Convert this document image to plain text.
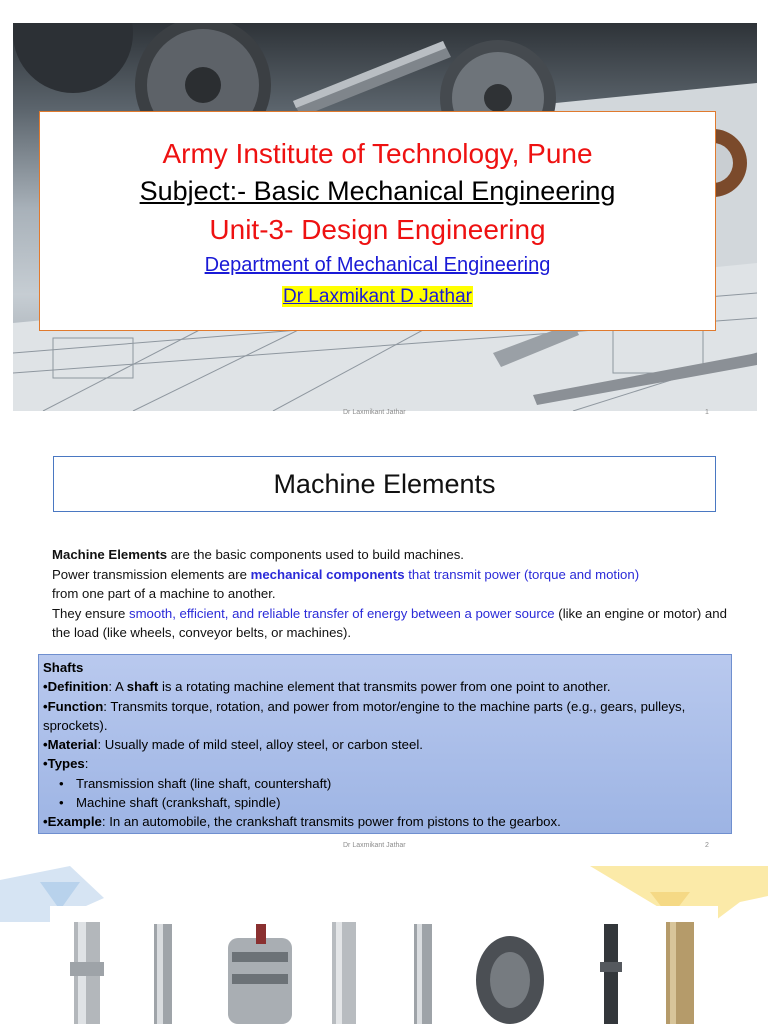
Army Institute of Technology, Pune
Subject:- Basic Mechanical Engineering
Unit-3- Design Engineering
Department of Mechanical Engineering
Dr Laxmikant D Jathar
Dr Laxmikant Jathar	1
Machine Elements
Machine Elements are the basic components used to build machines.
Power transmission elements are mechanical components that transmit power (torque and motion)
from one part of a machine to another.
They ensure smooth, efficient, and reliable transfer of energy between a power source (like an engine or motor) and the load (like wheels, conveyor belts, or machines).
Shafts
•Definition: A shaft is a rotating machine element that transmits power from one point to another.
•Function: Transmits torque, rotation, and power from motor/engine to the machine parts (e.g., gears, pulleys, sprockets).
•Material: Usually made of mild steel, alloy steel, or carbon steel.
•Types:
• Transmission shaft (line shaft, countershaft)
• Machine shaft (crankshaft, spindle)
•Example: In an automobile, the crankshaft transmits power from pistons to the gearbox.
Dr Laxmikant Jathar	2
